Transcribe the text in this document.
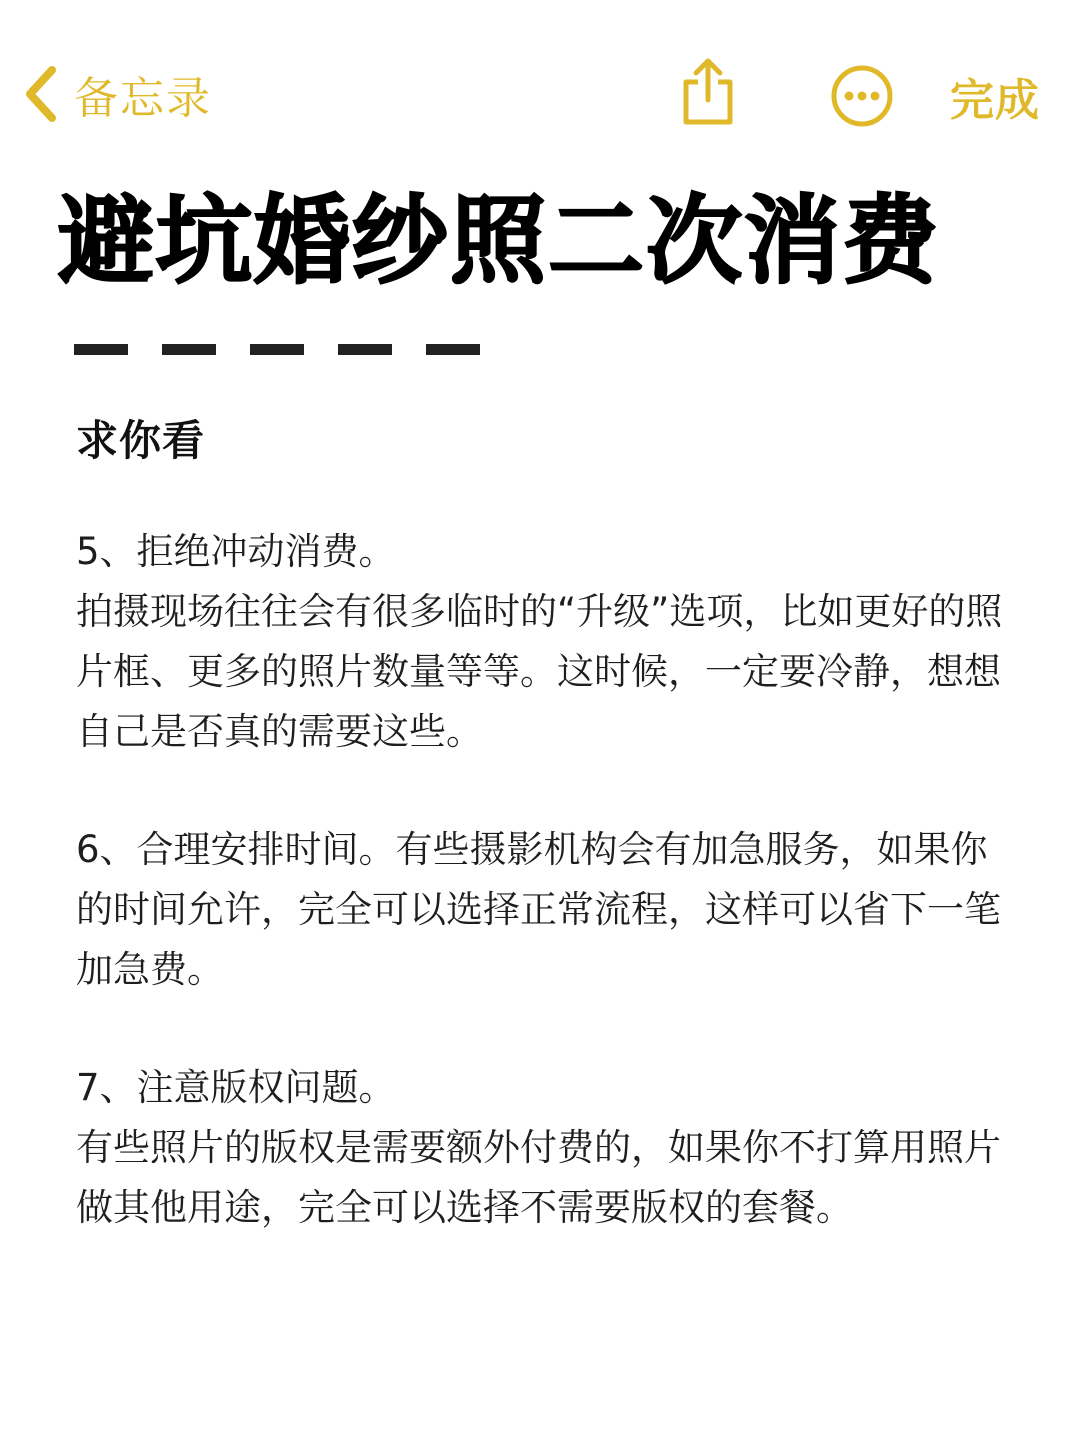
备忘录	完成
避坑婚纱照二次消费
求你看

5、拒绝冲动消费。

拍摄现场往往会有很多临时的“升级”选项，比如更好的照片框、更多的照片数量等等。这时候，一定要冷静，想想自己是否真的需要这些。

6、合理安排时间。有些摄影机构会有加急服务，如果你的时间允许，完全可以选择正常流程，这样可以省下一笔加急费。

7、注意版权问题。

有些照片的版权是需要额外付费的，如果你不打算用照片做其他用途，完全可以选择不需要版权的套餐。
